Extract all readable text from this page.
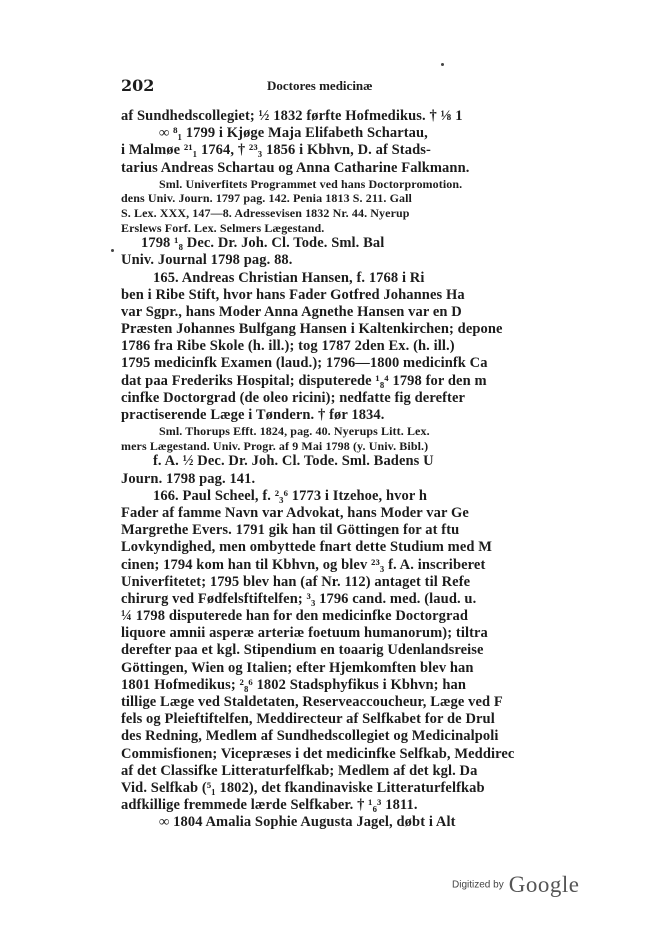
202	Doctores medicinæ
af Sundhedscollegiet; ½ 1832 førfte Hofmedikus. † ⅛ 1
∞ ⁸₁ 1799 i Kjøge Maja Elifabeth Schartau,
i Malmøe ²¹₁ 1764, † ²³₃ 1856 i Kbhvn, D. af Stads-
tarius Andreas Schartau og Anna Catharine Falkmann.
Sml. Univerfitets Programmet ved hans Doctorpromotion.
dens Univ. Journ. 1797 pag. 142. Penia 1813 S. 211. Gall
S. Lex. XXX, 147—8. Adressevisen 1832 Nr. 44. Nyerup
Erslews Forf. Lex. Selmers Lægestand.
1798 ¹₈ Dec. Dr. Joh. Cl. Tode. Sml. Bal
Univ. Journal 1798 pag. 88.
165. Andreas Christian Hansen, f. 1768 i Ri
ben i Ribe Stift, hvor hans Fader Gotfred Johannes Ha
var Sgpr., hans Moder Anna Agnethe Hansen var en D
Præsten Johannes Bulfgang Hansen i Kaltenkirchen; depone
1786 fra Ribe Skole (h. ill.); tog 1787 2den Ex. (h. ill.)
1795 medicinfk Examen (laud.); 1796—1800 medicinfk Ca
dat paa Frederiks Hospital; disputerede ¹₈⁴ 1798 for den m
cinfke Doctorgrad (de oleo ricini); nedfatte fig derefter
practiserende Læge i Tøndern. † før 1834.
Sml. Thorups Efft. 1824, pag. 40. Nyerups Litt. Lex.
mers Lægestand. Univ. Progr. af 9 Mai 1798 (y. Univ. Bibl.)
f. A. ½ Dec. Dr. Joh. Cl. Tode. Sml. Badens U
Journ. 1798 pag. 141.
166. Paul Scheel, f. ²₃⁶ 1773 i Itzehoe, hvor h
Fader af famme Navn var Advokat, hans Moder var Ge
Margrethe Evers. 1791 gik han til Göttingen for at ftu
Lovkyndighed, men ombyttede fnart dette Studium med M
cinen; 1794 kom han til Kbhvn, og blev ²³₃ f. A. inscriberet
Univerfitetet; 1795 blev han (af Nr. 112) antaget til Refe
chirurg ved Fødfelsftiftelfen; ³₃ 1796 cand. med. (laud. u.
¼ 1798 disputerede han for den medicinfke Doctorgrad
liquore amnii asperæ arteriæ foetuum humanorum); tiltra
derefter paa et kgl. Stipendium en toaarig Udenlandsreise
Göttingen, Wien og Italien; efter Hjemkomften blev han
1801 Hofmedikus; ²₈⁶ 1802 Stadsphyfikus i Kbhvn; han
tillige Læge ved Staldetaten, Reserveaccoucheur, Læge ved F
fels og Pleieftiftelfen, Meddirecteur af Selfkabet for de Drul
des Redning, Medlem af Sundhedscollegiet og Medicinalpoli
Commisfionen; Vicepræses i det medicinfke Selfkab, Meddirec
af det Classifke Litteraturfelfkab; Medlem af det kgl. Da
Vid. Selfkab (⁵₁ 1802), det fkandinaviske Litteraturfelfkab
adfkillige fremmede lærde Selfkaber. † ¹₆³ 1811.
∞ 1804 Amalia Sophie Augusta Jagel, døbt i Alt
Digitized by Google
